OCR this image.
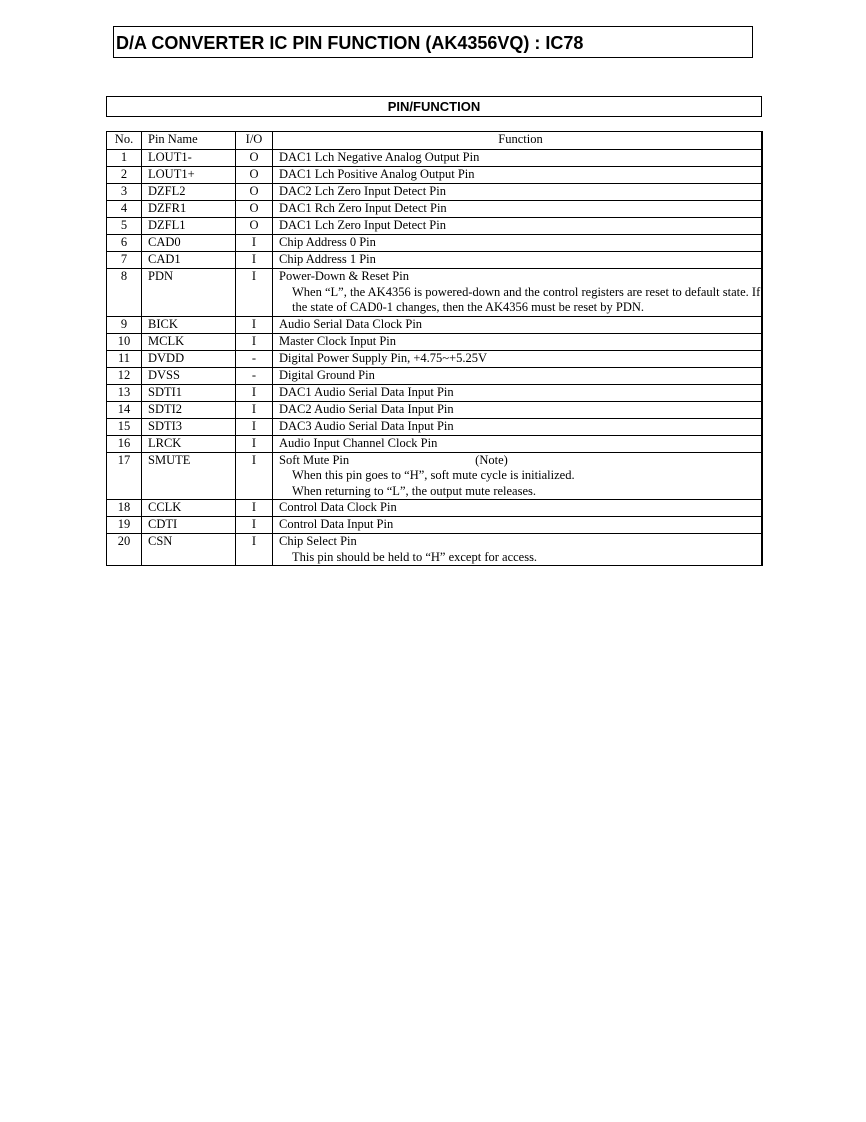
D/A CONVERTER IC PIN FUNCTION (AK4356VQ) : IC78
PIN/FUNCTION
No.	Pin Name	I/O	Function
1	LOUT1-	O	DAC1 Lch Negative Analog Output Pin
2	LOUT1+	O	DAC1 Lch Positive Analog Output Pin
3	DZFL2	O	DAC2 Lch Zero Input Detect Pin
4	DZFR1	O	DAC1 Rch Zero Input Detect Pin
5	DZFL1	O	DAC1 Lch Zero Input Detect Pin
6	CAD0	I	Chip Address 0 Pin
7	CAD1	I	Chip Address 1 Pin
8	PDN	I	Power-Down & Reset Pin
When “L”, the AK4356 is powered-down and the control registers are reset to default state. If the state of CAD0-1 changes, then the AK4356 must be reset by PDN.

9	BICK	I	Audio Serial Data Clock Pin
10	MCLK	I	Master Clock Input Pin
11	DVDD	-	Digital Power Supply Pin, +4.75~+5.25V
12	DVSS	-	Digital Ground Pin
13	SDTI1	I	DAC1 Audio Serial Data Input Pin
14	SDTI2	I	DAC2 Audio Serial Data Input Pin
15	SDTI3	I	DAC3 Audio Serial Data Input Pin
16	LRCK	I	Audio Input Channel Clock Pin
17	SMUTE	I	Soft Mute Pin (Note)
When this pin goes to “H”, soft mute cycle is initialized.
When returning to “L”, the output mute releases.

18	CCLK	I	Control Data Clock Pin
19	CDTI	I	Control Data Input Pin
20	CSN	I	Chip Select Pin
This pin should be held to “H” except for access.
